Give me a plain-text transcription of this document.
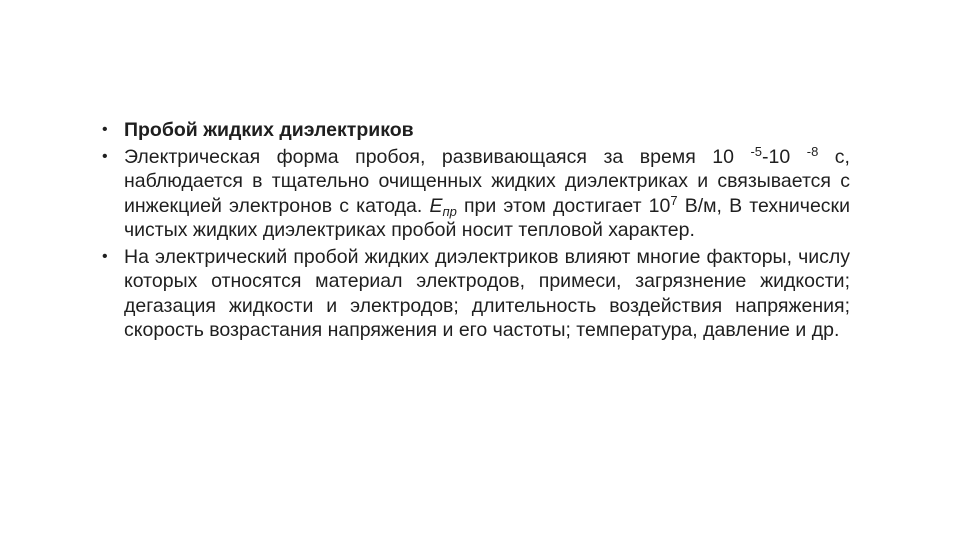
• Пробой жидких диэлектриков
• Электрическая форма пробоя, развивающаяся за время 10 $^{-5}$-10 $^{-8}$ с, наблюдается в тщательно очищенных жидких диэлектриках и связывается с инжекцией электронов с катода. $E_{пр}$ при этом достигает $10^7$ В/м, В технически чистых жидких диэлектриках пробой носит тепловой характер.
• На электрический пробой жидких диэлектриков влияют многие факторы, числу которых относятся материал электродов, примеси, загрязнение жидкости; дегазация жидкости и электродов; длительность воздействия напряжения; скорость возрастания напряжения и его частоты; температура, давление и др.
